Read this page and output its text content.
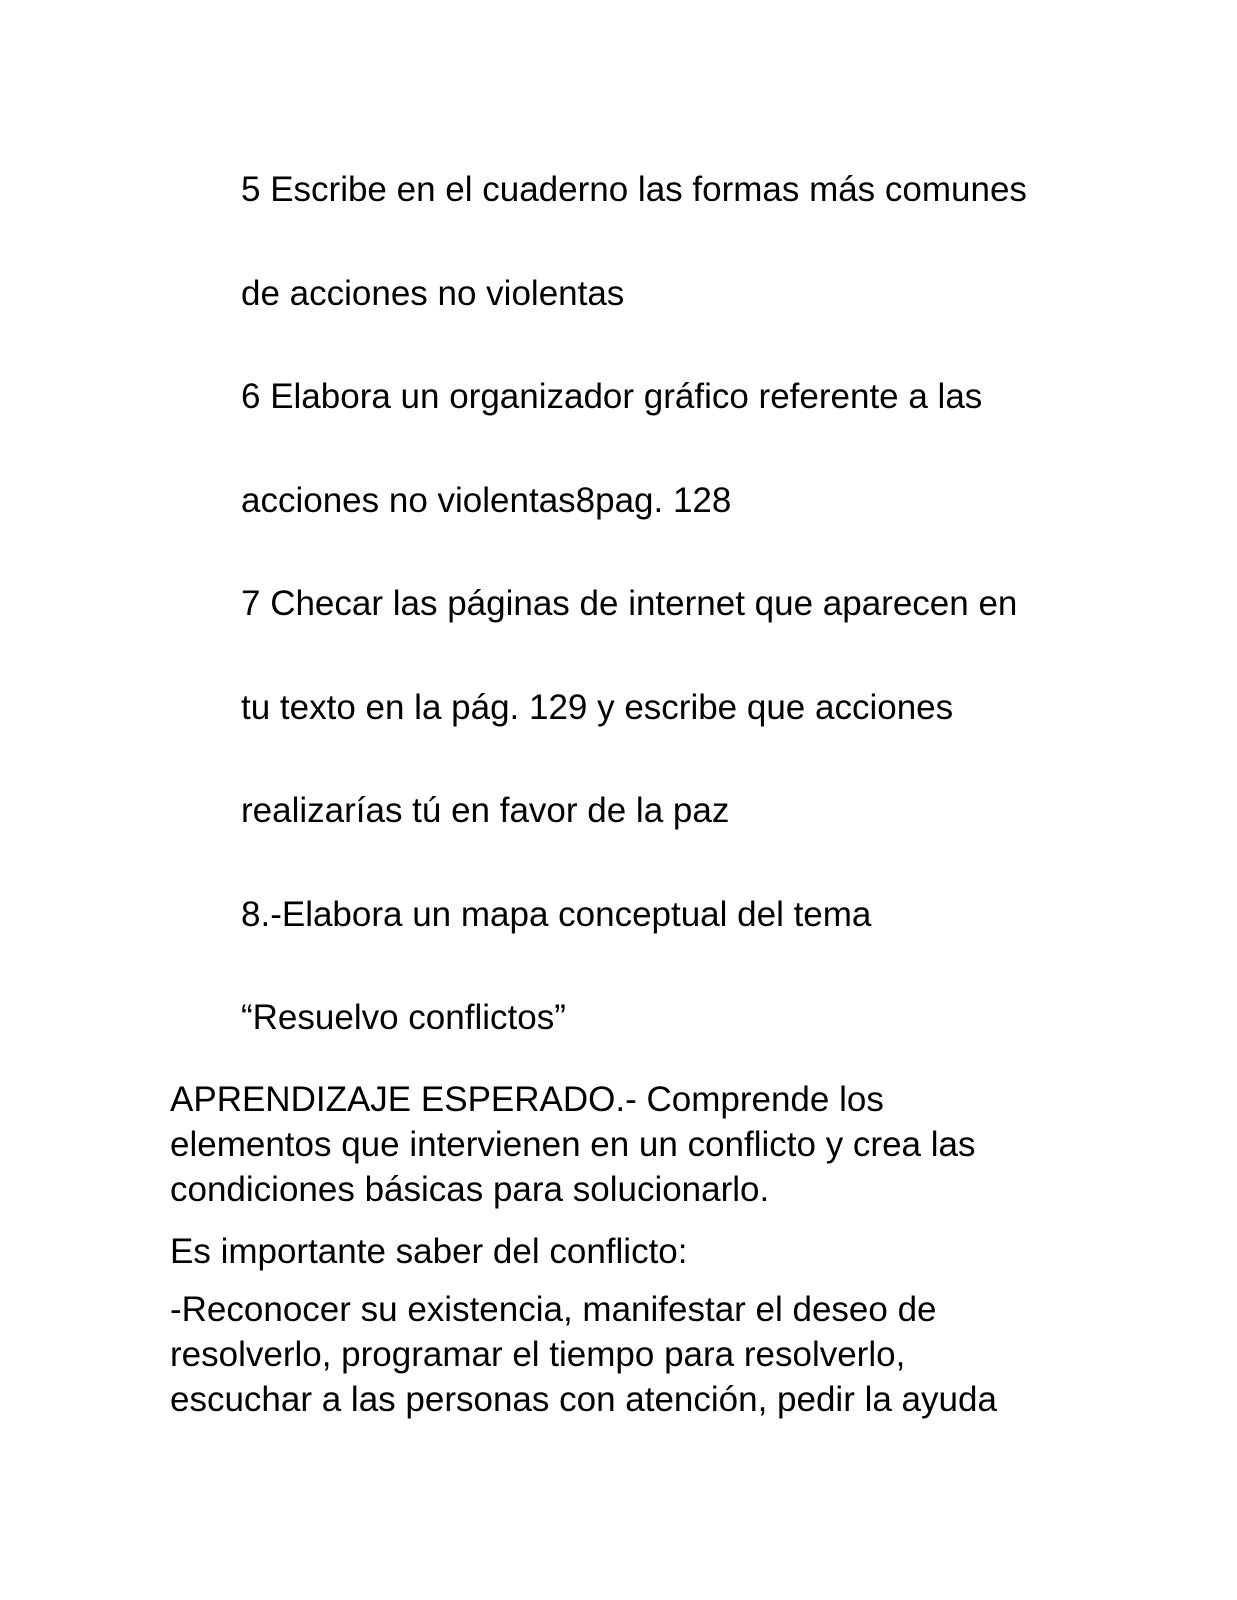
5 Escribe en el cuaderno las formas más comunes

de acciones no violentas

6 Elabora un organizador gráfico referente a las

acciones no violentas8pag. 128

7 Checar las páginas de internet que aparecen en

tu texto en la pág. 129 y escribe que acciones

realizarías tú en favor de la paz

8.-Elabora un mapa conceptual del tema

“Resuelvo conflictos”

APRENDIZAJE ESPERADO.- Comprende los
elementos que intervienen en un conflicto y crea las
condiciones básicas para solucionarlo.

Es importante saber del conflicto:

-Reconocer su existencia, manifestar el deseo de
resolverlo, programar el tiempo para resolverlo,
escuchar a las personas con atención, pedir la ayuda
